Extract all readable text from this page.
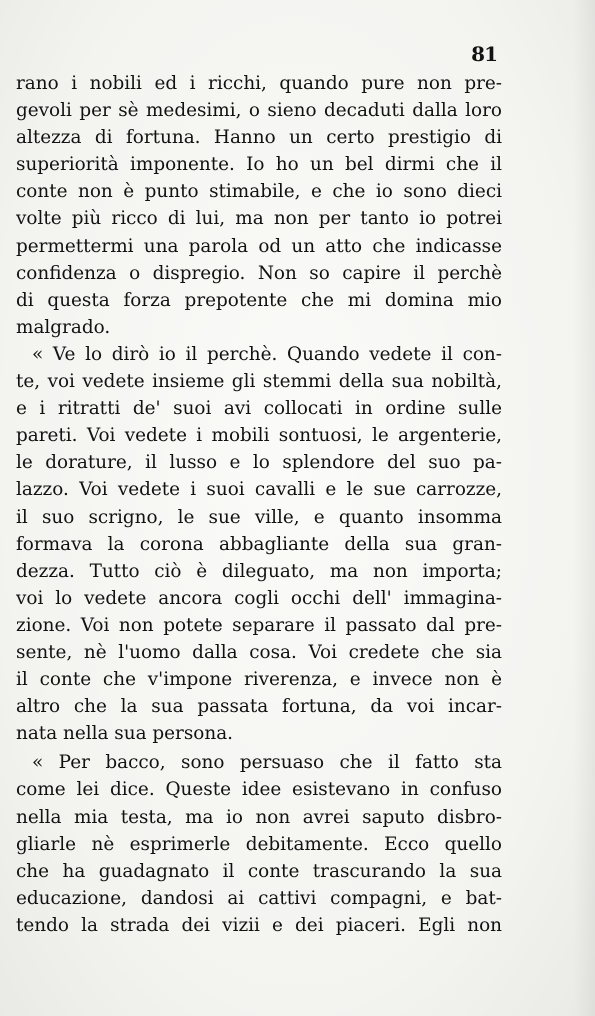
81
rano i nobili ed i ricchi, quando pure non pre-
gevoli per sè medesimi, o sieno decaduti dalla loro
altezza di fortuna. Hanno un certo prestigio di
superiorità imponente. Io ho un bel dirmi che il
conte non è punto stimabile, e che io sono dieci
volte più ricco di lui, ma non per tanto io potrei
permettermi una parola od un atto che indicasse
confidenza o dispregio. Non so capire il perchè
di questa forza prepotente che mi domina mio
malgrado.
« Ve lo dirò io il perchè. Quando vedete il con-
te, voi vedete insieme gli stemmi della sua nobiltà,
e i ritratti de' suoi avi collocati in ordine sulle
pareti. Voi vedete i mobili sontuosi, le argenterie,
le dorature, il lusso e lo splendore del suo pa-
lazzo. Voi vedete i suoi cavalli e le sue carrozze,
il suo scrigno, le sue ville, e quanto insomma
formava la corona abbagliante della sua gran-
dezza. Tutto ciò è dileguato, ma non importa;
voi lo vedete ancora cogli occhi dell' immagina-
zione. Voi non potete separare il passato dal pre-
sente, nè l'uomo dalla cosa. Voi credete che sia
il conte che v'impone riverenza, e invece non è
altro che la sua passata fortuna, da voi incar-
nata nella sua persona.
« Per bacco, sono persuaso che il fatto sta
come lei dice. Queste idee esistevano in confuso
nella mia testa, ma io non avrei saputo disbro-
gliarle nè esprimerle debitamente. Ecco quello
che ha guadagnato il conte trascurando la sua
educazione, dandosi ai cattivi compagni, e bat-
tendo la strada dei vizii e dei piaceri. Egli non
